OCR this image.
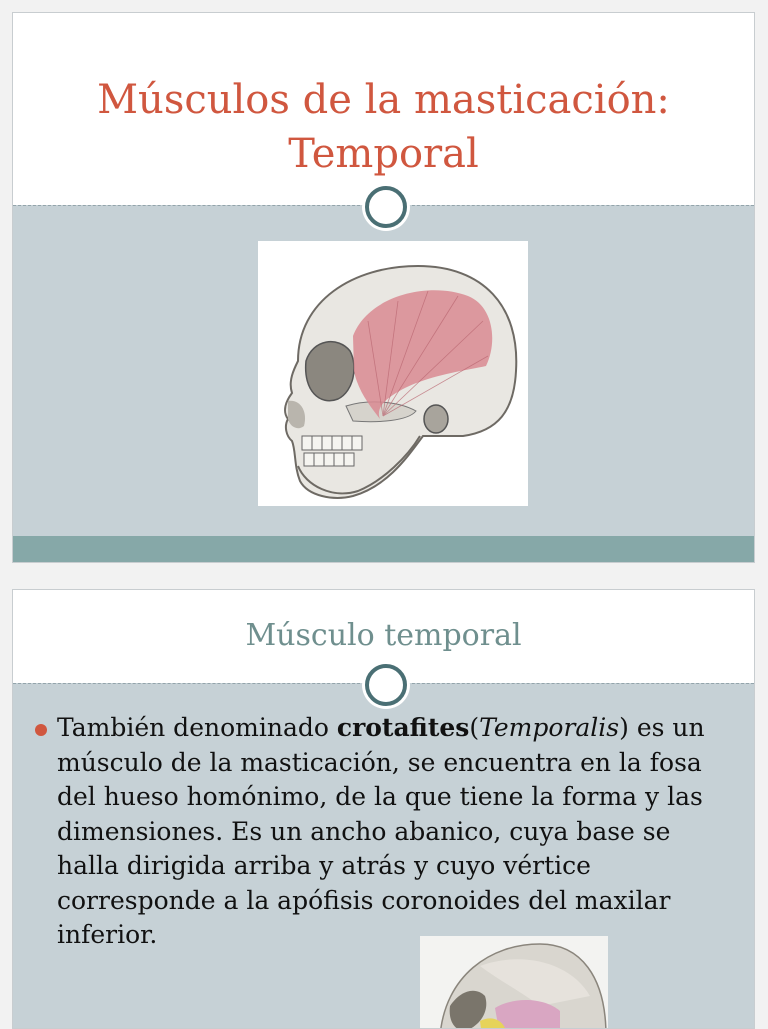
Músculos de la masticación:
Temporal
Músculo temporal
También denominado crotafites(Temporalis) es un músculo de la masticación, se encuentra en la fosa del hueso homónimo, de la que tiene la forma y las dimensiones. Es un ancho abanico, cuya base se halla dirigida arriba y atrás y cuyo vértice corresponde a la apófisis coronoides del maxilar inferior.
